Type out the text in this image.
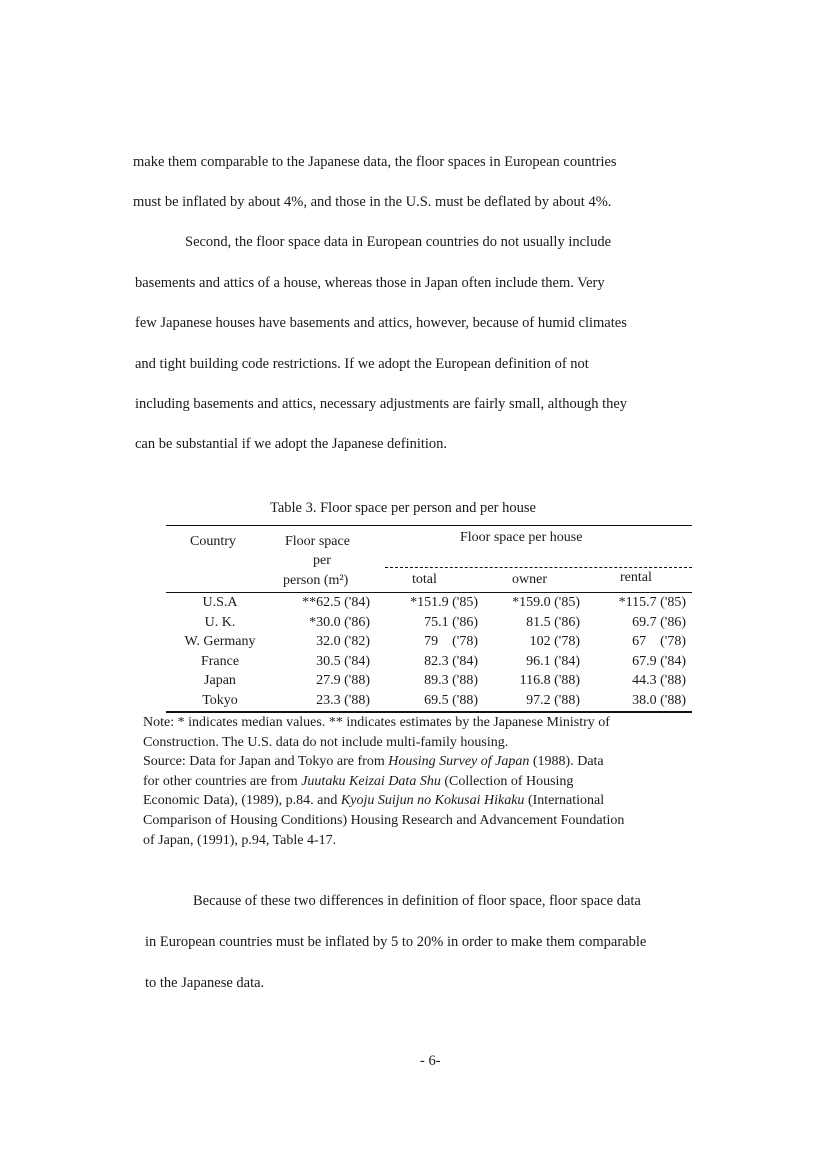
make them comparable to the Japanese data, the floor spaces in European countries
must be inflated by about 4%, and those in the U.S. must be deflated by about 4%.
Second, the floor space data in European countries do not usually include
basements and attics of a house, whereas those in Japan often include them. Very
few Japanese houses have basements and attics, however, because of humid climates
and tight building code restrictions. If we adopt the European definition of not
including basements and attics, necessary adjustments are fairly small, although they
can be substantial if we adopt the Japanese definition.
Table 3. Floor space per person and per house
Country	Floor space
per
person (m²)
Floor space per house
total	owner	rental
U.S.A	**62.5 ('84)	*151.9 ('85)	*159.0 ('85)	*115.7 ('85)
U. K.	*30.0 ('86)	75.1 ('86)	81.5 ('86)	69.7 ('86)
W. Germany	32.0 ('82)	79    ('78)	102 ('78)	67    ('78)
France	30.5 ('84)	82.3 ('84)	96.1 ('84)	67.9 ('84)
Japan	27.9 ('88)	89.3 ('88)	116.8 ('88)	44.3 ('88)
Tokyo	23.3 ('88)	69.5 ('88)	97.2 ('88)	38.0 ('88)
Note: * indicates median values. ** indicates estimates by the Japanese Ministry of
Construction. The U.S. data do not include multi-family housing.
Source: Data for Japan and Tokyo are from Housing Survey of Japan (1988). Data
for other countries are from Juutaku Keizai Data Shu (Collection of Housing
Economic Data), (1989), p.84. and Kyoju Suijun no Kokusai Hikaku (International
Comparison of Housing Conditions) Housing Research and Advancement Foundation
of Japan, (1991), p.94, Table 4-17.
Because of these two differences in definition of floor space, floor space data
in European countries must be inflated by 5 to 20% in order to make them comparable
to the Japanese data.
- 6-
